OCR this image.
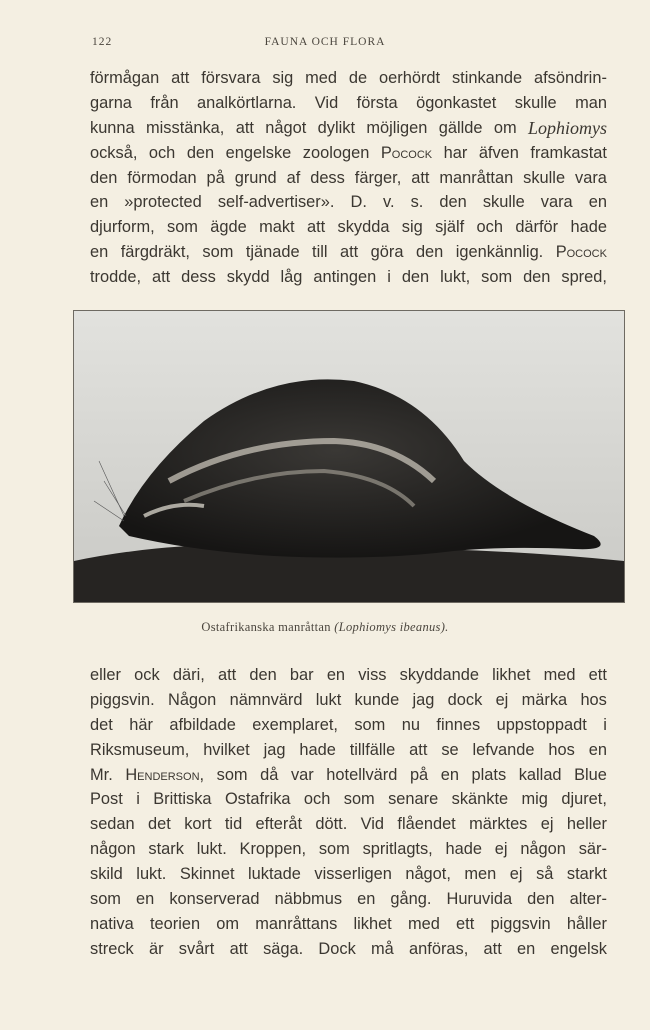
122	FAUNA OCH FLORA
förmågan att försvara sig med de oerhördt stinkande afsöndrin-
garna från analkörtlarna. Vid första ögonkastet skulle man
kunna misstänka, att något dylikt möjligen gällde om Lophiomys
också, och den engelske zoologen Pocock har äfven framkastat
den förmodan på grund af dess färger, att manråttan skulle vara
en »protected self-advertiser». D. v. s. den skulle vara en
djurform, som ägde makt att skydda sig själf och därför hade
en färgdräkt, som tjänade till att göra den igenkännlig. Pocock
trodde, att dess skydd låg antingen i den lukt, som den spred,
Ostafrikanska manråttan (Lophiomys ibeanus).
eller ock däri, att den bar en viss skyddande likhet med ett
piggsvin. Någon nämnvärd lukt kunde jag dock ej märka hos
det här afbildade exemplaret, som nu finnes uppstoppadt i
Riksmuseum, hvilket jag hade tillfälle att se lefvande hos en
Mr. Henderson, som då var hotellvärd på en plats kallad Blue
Post i Brittiska Ostafrika och som senare skänkte mig djuret,
sedan det kort tid efteråt dött. Vid flåendet märktes ej heller
någon stark lukt. Kroppen, som spritlagts, hade ej någon sär-
skild lukt. Skinnet luktade visserligen något, men ej så starkt
som en konserverad näbbmus en gång. Huruvida den alter-
nativa teorien om manråttans likhet med ett piggsvin håller
streck är svårt att säga. Dock må anföras, att en engelsk
